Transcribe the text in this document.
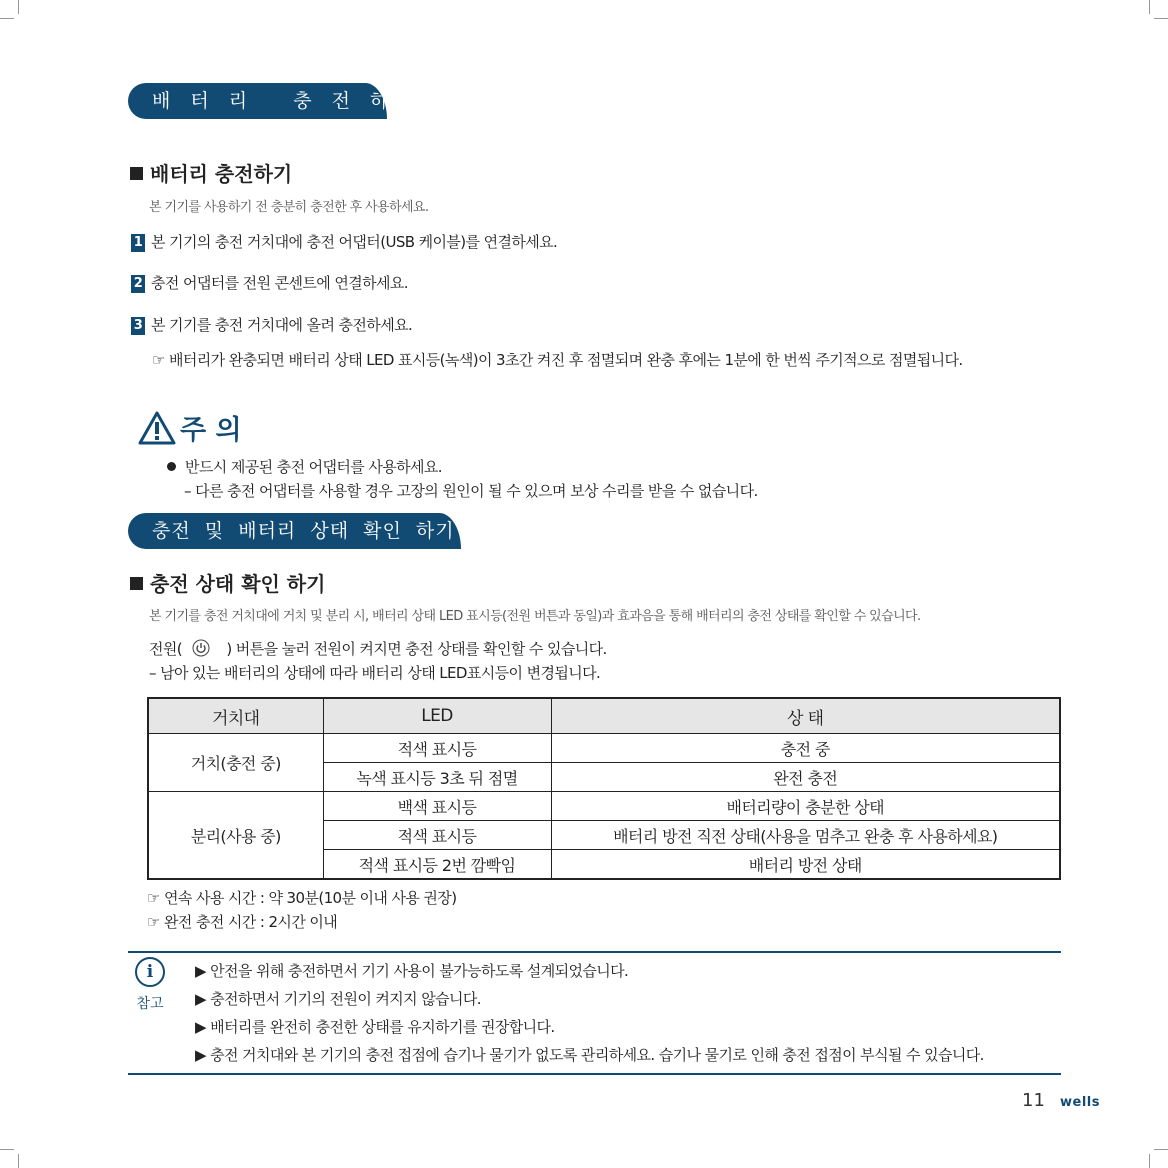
배 터 리   충 전 하 기
배터리 충전하기
본 기기를 사용하기 전 충분히 충전한 후 사용하세요.
1 본 기기의 충전 거치대에 충전 어댑터(USB 케이블)를 연결하세요.
2 충전 어댑터를 전원 콘센트에 연결하세요.
3 본 기기를 충전 거치대에 올려 충전하세요.
☞ 배터리가 완충되면 배터리 상태 LED 표시등(녹색)이 3초간 켜진 후 점멸되며 완충 후에는 1분에 한 번씩 주기적으로 점멸됩니다.
주 의
반드시 제공된 충전 어댑터를 사용하세요.
– 다른 충전 어댑터를 사용할 경우 고장의 원인이 될 수 있으며 보상 수리를 받을 수 없습니다.
충전  및  배터리  상태  확인  하기
충전 상태 확인 하기
본 기기를 충전 거치대에 거치 및 분리 시, 배터리 상태 LED 표시등(전원 버튼과 동일)과 효과음을 통해 배터리의 충전 상태를 확인할 수 있습니다.
전원(	) 버튼을 눌러 전원이 켜지면 충전 상태를 확인할 수 있습니다.
– 남아 있는 배터리의 상태에 따라 배터리 상태 LED표시등이 변경됩니다.
거치대	LED	상 태
거치(충전 중)	적색 표시등	충전 중
	녹색 표시등 3초 뒤 점멸	완전 충전
분리(사용 중)	백색 표시등	배터리량이 충분한 상태
	적색 표시등	배터리 방전 직전 상태(사용을 멈추고 완충 후 사용하세요)
	적색 표시등 2번 깜빡임	배터리 방전 상태
☞ 연속 사용 시간 : 약 30분(10분 이내 사용 권장)
☞ 완전 충전 시간 : 2시간 이내
i
참고
▶ 안전을 위해 충전하면서 기기 사용이 불가능하도록 설계되었습니다.
▶ 충전하면서 기기의 전원이 켜지지 않습니다.
▶ 배터리를 완전히 충전한 상태를 유지하기를 권장합니다.
▶ 충전 거치대와 본 기기의 충전 접점에 습기나 물기가 없도록 관리하세요. 습기나 물기로 인해 충전 접점이 부식될 수 있습니다.
11 wells
